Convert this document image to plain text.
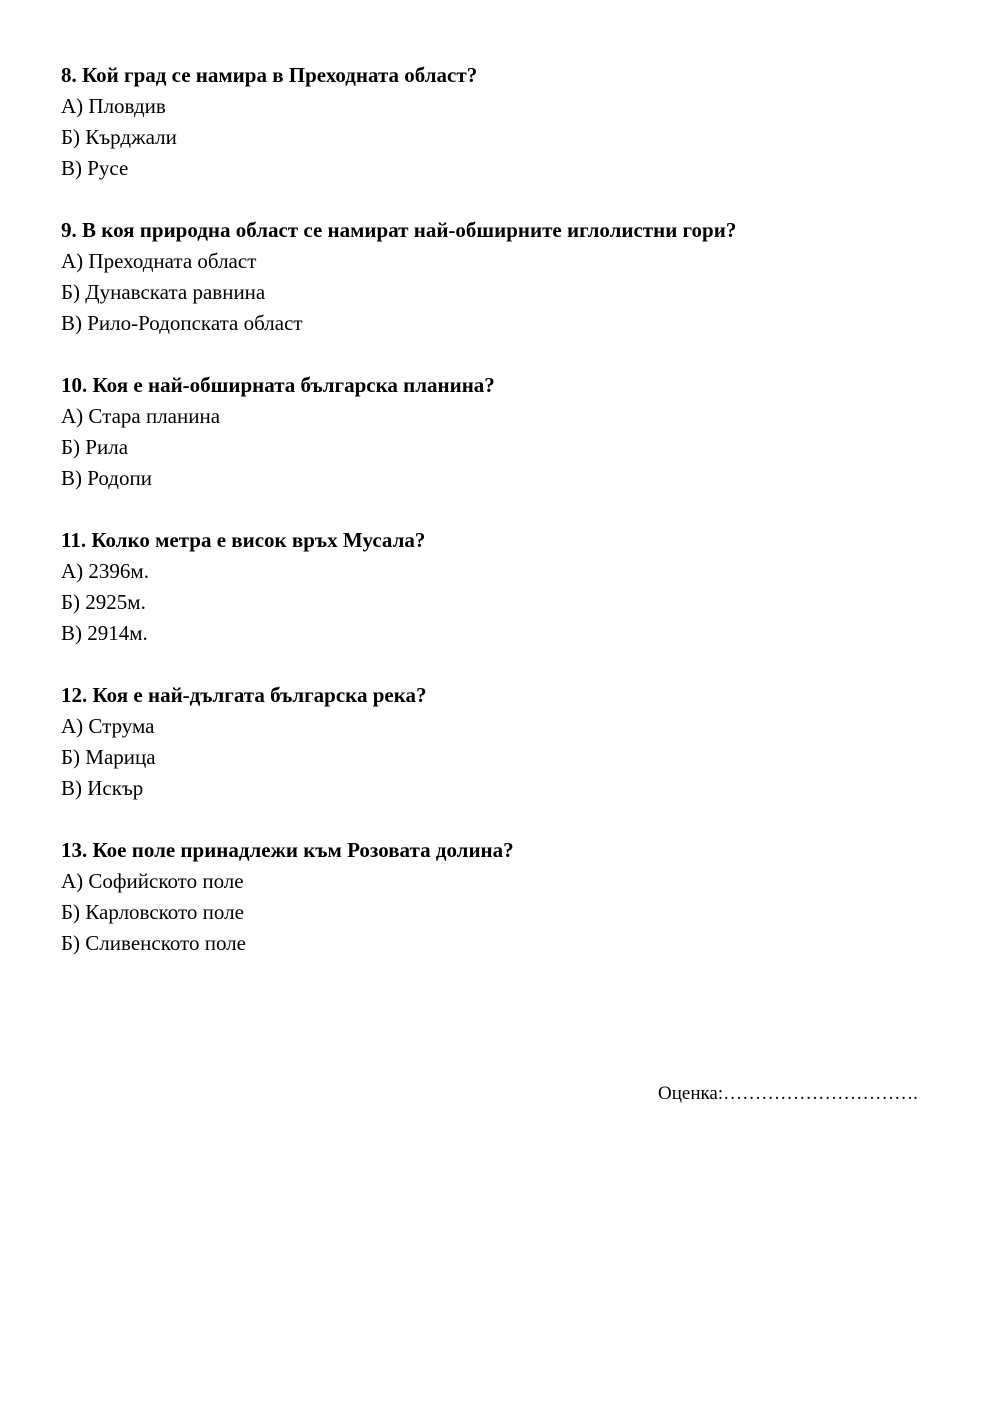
8. Кой град се намира в Преходната област?
А) Пловдив
Б) Кърджали
В) Русе
9. В коя природна област се намират най-обширните иглолистни гори?
А) Преходната област
Б) Дунавската равнина
В) Рило-Родопската област
10. Коя е най-обширната българска планина?
А) Стара планина
Б) Рила
В) Родопи
11. Колко метра е висок връх Мусала?
А) 2396м.
Б) 2925м.
В) 2914м.
12. Коя е най-дългата българска река?
А) Струма
Б) Марица
В) Искър
13. Кое поле принадлежи към Розовата долина?
А) Софийското поле
Б) Карловското поле
Б) Сливенското поле
Оценка:………………………….
